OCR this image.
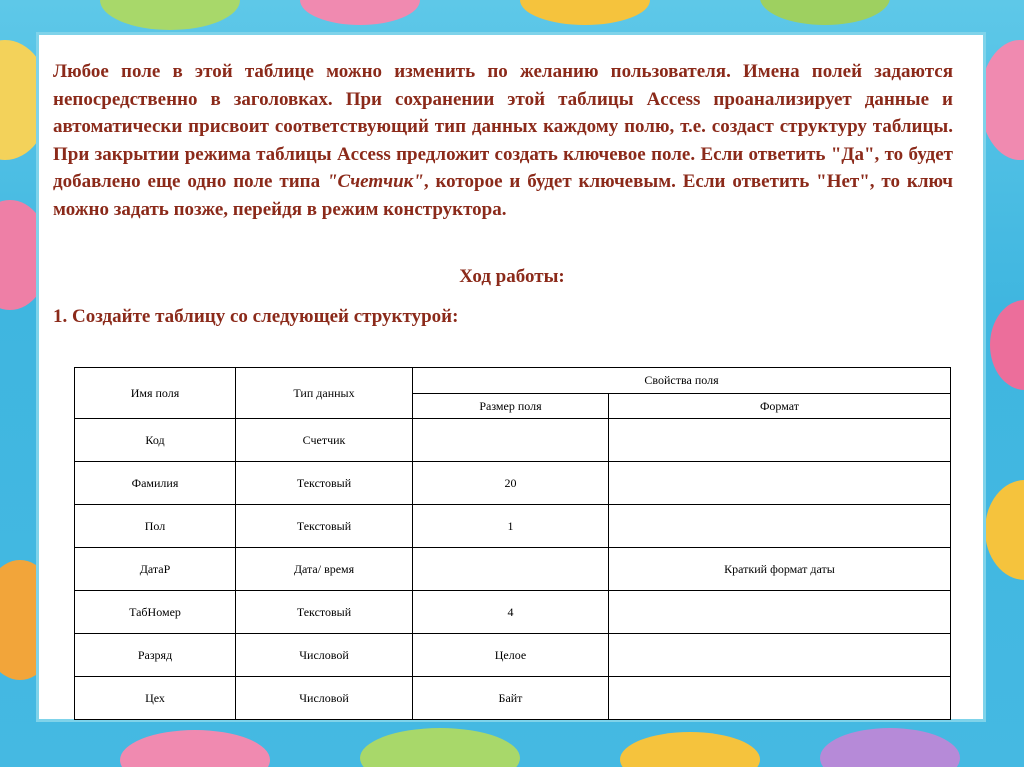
Любое поле в этой таблице можно изменить по желанию пользователя. Имена полей задаются непосредственно в заголовках. При сохранении этой таблицы Access проанализирует данные и автоматически присвоит соответствующий тип данных каждому полю, т.е. создаст структуру таблицы. При закрытии режима таблицы Access предложит создать ключевое поле. Если ответить "Да", то будет добавлено еще одно поле типа "Счетчик", которое и будет ключевым. Если ответить "Нет", то ключ можно задать позже, перейдя в режим конструктора.
Ход работы:
1. Создайте таблицу со следующей структурой:
Имя поля	Тип данных	Свойства поля	
		Размер поля	Формат
Код	Счетчик		
Фамилия	Текстовый	20	
Пол	Текстовый	1	
ДатаР	Дата/ время		Краткий формат даты
ТабНомер	Текстовый	4	
Разряд	Числовой	Целое	
Цех	Числовой	Байт	
